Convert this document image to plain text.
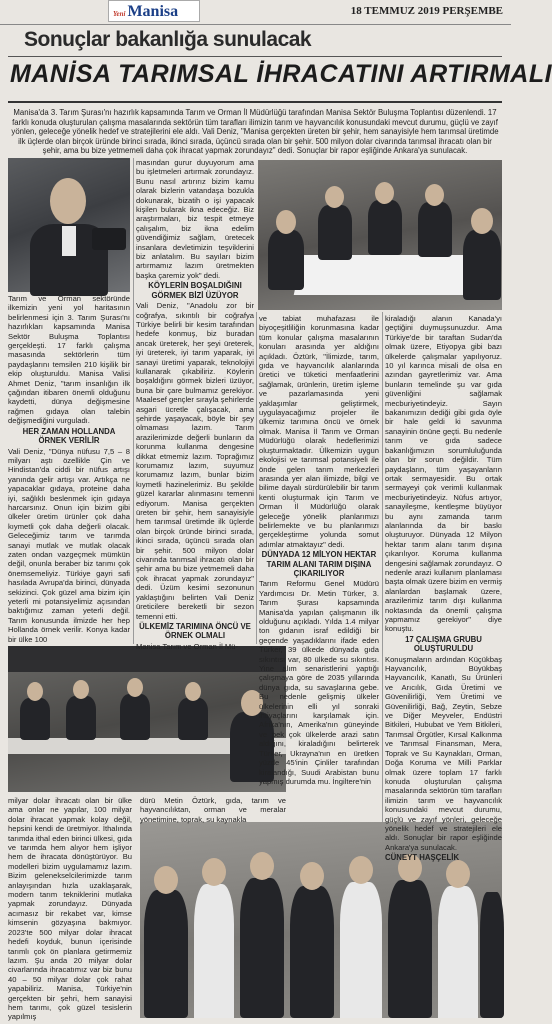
Yeni Manisa	18 TEMMUZ 2019 PERŞEMBE
Sonuçlar bakanlığa sunulacak
MANİSA TARIMSAL İHRACATINI ARTIRMALI
Manisa'da 3. Tarım Şurası'nı hazırlık kapsamında Tarım ve Orman İl Müdürlüğü tarafından Manisa Sektör Buluşma Toplantısı düzenlendi. 17 farklı konuda oluşturulan çalışma masalarında sektörün tüm tarafları ilimizin tarım ve hayvancılık konusundaki mevcut durumu, güçlü ve zayıf yönlen, geleceğe yönelik hedef ve stratejilerini ele aldı. Vali Deniz, "Manisa gerçekten üreten bir şehir, hem sanayisiyle hem tarımsal üretimde ilk üçlerde olan birçok üründe birinci sırada, ikinci sırada, üçüncü sırada olan bir şehir. 500 milyon dolar civarında tarımsal ihracatı olan bir şehir, ama bu bize yetmemeli daha çok ihracat yapmak zorundayız" dedi. Sonuçlar bir rapor eşliğinde Ankara'ya sunulacak.

Tarım ve Orman sektöründe ilkemizin yeni yol haritasının belirlenmesi için 3. Tarım Şurası'nı hazırlıkları kapsamında Manisa Sektör Buluşma Toplantısı gerçekleşti. 17 farklı çalışma masasında sektörlerin tüm paydaşlarını temsilen 210 kişilik bir ekip oluşturuldu. Manisa Valisi Ahmet Deniz, "tarım insanlığın ilk çağından itibaren önemli olduğunu kaydetti, dünya değişmesine rağmen gıdaya olan talebin değişmediğini vurguladı.

HER ZAMAN HOLLANDA ÖRNEK VERİLİR

Vali Deniz, "Dünya nüfusu 7,5 – 8 milyarı aştı özellikle Çin ve Hindistan'da ciddi bir nüfus artışı yanında gelir artışı var. Artıkça ne yapacaklar gıdaya, proteine daha iyi, sağlıklı beslenmek için gıdaya harcarsınız. Onun için bizim gibi ülkeler üretim ürünler çok daha kıymetli çok daha değerli olacak. Geleceğimiz tarım ve tarımda sanayi mutlak ve mutlak olacak zaten ondan vazgeçmek mümkün değil, onunla beraber biz tarımı çok önemsemeliyiz. Türkiye gayri safi hasılada Avrupa'da birinci, dünyada sekizinci. Çok güzel ama bizim için yeterli mi potansiyelimiz açısından baktığımız zaman yeterli değil. Tarım konusunda ilmizde her hep Hollanda örnek verilir. Konya kadar bir ülke 100

milyar dolar ihracatı olan bir ülke ama onlar ne yapılar, 100 milyar dolar ihracat yapmak kolay değil, hepsini kendi de üretmiyor. İthalında tarımda ithal eden birinci ülkesi, gıda ve tarımda hem alıyor hem işliyor hem de ihracata dönüştürüyor. Bu modelleri bizim uygulamamız lazım. Bizim gelenekselcilerimizde tarım anlayışından hızla uzaklaşarak, modern tarım tekniklerini mutlaka yapmak zorundayız. Dünyada acımasız bir rekabet var, kimse kimsenin gözyaşına bakmıyor. 2023'te 500 milyar dolar ihracat hedefi koyduk, bunun içerisinde tarımlı çok ön planlara getirmemiz lazım. Şu anda 20 milyar dolar civarlarında ihracatımız var biz bunu 40 – 50 milyar dolar çok rahat yapabiliriz. Manisa, Türkiye'nin gerçekten bir şehri, hem sanayisi hem tarımı, çok güzel tesislerin yapılmış

masından gurur duyuyorum ama bu işletmeleri artırmak zorundayız. Bunu nasıl artırırız bizim kamu olarak bizlerin vatandaşa bozukla dokunarak, bizatih o işi yapacak kişilen bularak ikna edeceğiz. Biz araştırmaları, biz tespit etmeye çalışalım, biz ikna edelim güvendiğimiz sağlam, üretecek insanlara devletimizin teşviklerini biz anlatalım. Bu sayıları bizim artırmamız lazım üretmekten başka çaremiz yok" dedi.

KÖYLERİN BOŞALDIĞINI GÖRMEK BİZİ ÜZÜYOR

Vali Deniz, "Anadolu zor bir coğrafya, sıkıntılı bir coğrafya Türkiye belirli bir kesim tarafından hedefe konmuş, biz buradan ancak üreterek, her şeyi üreterek, iyi üreterek, iyi tarım yaparak, iyi sanayi üretimi yaparak, teknolojiyi kullanarak çıkabiliriz. Köylerin boşaldığını görmek bizleri üzüyor, buna bir çare bulmamız gerekiyor. Maalesef gençler sırayla şehirlerde asgari ücretle çalışacak, ama şehirde yaşayacak, böyle bir şey olmaması lazım. Tarım arazilerimizde değerli bunların da korunma kullanma dengesine dikkat etmemiz lazım. Toprağımız korumamız lazım, suyumuz korumamız lazım, bunlar bizim kıymetli hazinelerimiz. Bu şekilde güzel kararlar alınmasını temenni ediyorum. Manisa gerçekten üreten bir şehir, hem sanayisiyle hem tarımsal üretimde ilk üçlerde olan birçok üründe birinci sırada, ikinci sırada, üçüncü sırada olan bir şehir. 500 milyon dolar civarında tarımsal ihracatı olan bir şehir ama bu bize yetmemeli daha çok ihracat yapmak zorundayız" dedi. Üzüm kesimi sezonunun yaklaştığını belirten Vali Deniz üreticilere bereketli bir sezon temenni etti.

ÜLKEMİZ TARIMINA ÖNCÜ VE ÖRNEK OLMALI

Manisa Tarım ve Orman İl Mü-

dürü Metin Öztürk, gıda, tarım ve hayvancılıktan, orman ve meralar yönetimine, toprak, su kaynakla

ve tabiat muhafazası ile biyoçeşitliliğin korunmasına kadar tüm konular çalışma masalarının konuları arasında yer aldığını açıkladı. Öztürk, "İlimizde, tarım, gıda ve hayvancılık alanlarında üretici ve tüketici menfaatlerini sağlamak, ürünlerin, üretim işleme ve pazarlamasında yeni yaklaşımlar geliştirmek, uygulayacağımız projeler ile ülkemiz tarımına öncü ve örnek olmak. Manisa İl Tarım ve Orman Müdürlüğü olarak hedeflerimizi oluşturmaktadır. Ülkemizin uygun ekolojisi ve tarımsal potansiyeli ile önde gelen tarım merkezleri arasında yer alan ilimizde, bilgi ve bilime dayalı sürdürülebilir bir tarım kenti oluşturmak için Tarım ve Orman İl Müdürlüğü olarak geleceğe yönelik planlarımızı belirlemekte ve bu planlarımızı gerçekleştirme yolunda somut adımlar atmaktayız" dedi.

DÜNYADA 12 MİLYON HEKTAR TARIM ALANI TARIM DIŞINA ÇIKARILIYOR

Tarım Reformu Genel Müdürü Yardımcısı Dr. Metin Türker, 3. Tarım Şurası kapsamında Manisa'da yapılan çalışmanın ilk olduğunu açıkladı. Yılda 1.4 milyar ton gıdanın israf edildiği bir geçende yaşadıklarını ifade eden Türker, 39 ülkede dünyada gıda sıkıntısı var, 80 ülkede su sıkıntısı. Yine alım senaristlerini yaptığı çalışmaya göre de 2035 yıllarında dünya gıda, su savaşlarına gebe. Bu nedenle gelişmiş ülkeler ülkelerinin elli yıl sonraki ihtiyaçlarını karşılamak için. Afrika'nın, Amerika'nın güneyinde ve pek çok ülkelerde arazi satın aldığını, kiraladığını belirterek Türker, Ukrayna'nın en üretken yüzde 45'inin Çinliler tarafından kiralandığı, Suudi Arabistan bunu yapmış durumda mu. İngiltere'nin

kiraladığı alanın Kanada'yı geçtiğini duymuşsunuzdur. Ama Türkiye'de bir taraftan Sudan'da olmak üzere, Etiyopya gibi bazı ülkelerde çalışmalar yapılıyoruz. 10 yıl karınca misali de olsa en azından gayretlerimiz var. Ama bunların temelinde şu var gıda güvenliğini sağlamak mecburiyetindeyiz. Sayın bakanımızın dediği gibi gıda öyle bir hale geldi ki savunma sanayinin önüne geçti. Bu nedenle tarım ve gıda sadece bakanlığımızın sorumluluğunda olan bir sorun değildir. Tüm paydaşların, tüm yaşayanların ortak sermayesidir. Bu ortak sermayeyi çok verimli kullanmak mecburiyetindeyiz. Nüfus artıyor, sanayileşme, kentleşme büyüyor bu aynı zamanda tarım alanlarında da bir baskı oluşturuyor. Dünyada 12 Milyon hektar tarım alanı tarım dışına çıkarılıyor. Koruma kullanma dengesini sağlamak zorundayız. O nedenle arazi kullanım planlaması başta olmak üzere bizim en vermiş alanlardan başlamak üzere, arazilerimiz tarım dışı kullanma noktasında da önemli çalışma yapmamız gerekiyor" diye konuştu.

17 ÇALIŞMA GRUBU OLUŞTURULDU

Konuşmaların ardından Küçükbaş Hayvancılık, Büyükbaş Hayvancılık, Kanatlı, Su Ürünleri ve Arıcılık, Gıda Üretimi ve Güvenilirliği, Yem Üretimi ve Güvenilirliği, Bağ, Zeytin, Sebze ve Diğer Meyveler, Endüstri Bitkileri, Hububat ve Yem Bitkileri, Tarımsal Örgütler, Kırsal Kalkınma ve Tarımsal Finansman, Mera, Toprak ve Su Kaynakları, Orman, Doğa Koruma ve Milli Parklar olmak üzere toplam 17 farklı konuda oluşturulan çalışma masalarında sektörün tüm tarafları ilimizin tarım ve hayvancılık konusundaki mevcut durumu, güçlü ve zayıf yönleri, geleceğe yönelik hedef ve stratejileri ele aldı. Sonuçlar bir rapor eşliğinde Ankara'ya sunulacak.

CÜNEYT HAŞÇELİK
